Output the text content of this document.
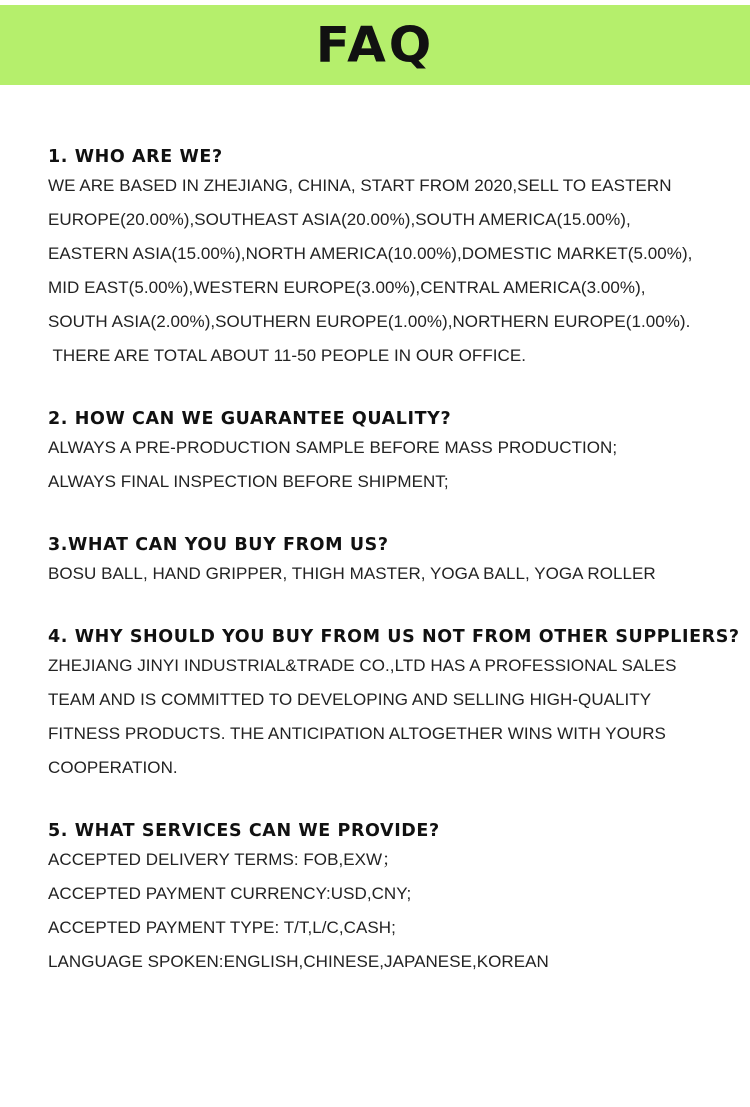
FAQ
1. WHO ARE WE?
WE ARE BASED IN ZHEJIANG, CHINA, START FROM 2020,SELL TO EASTERN
EUROPE(20.00%),SOUTHEAST ASIA(20.00%),SOUTH AMERICA(15.00%),
EASTERN ASIA(15.00%),NORTH AMERICA(10.00%),DOMESTIC MARKET(5.00%),
MID EAST(5.00%),WESTERN EUROPE(3.00%),CENTRAL AMERICA(3.00%),
SOUTH ASIA(2.00%),SOUTHERN EUROPE(1.00%),NORTHERN EUROPE(1.00%).
THERE ARE TOTAL ABOUT 11-50 PEOPLE IN OUR OFFICE.
2. HOW CAN WE GUARANTEE QUALITY?
ALWAYS A PRE-PRODUCTION SAMPLE BEFORE MASS PRODUCTION;
ALWAYS FINAL INSPECTION BEFORE SHIPMENT;
3.WHAT CAN YOU BUY FROM US?
BOSU BALL, HAND GRIPPER, THIGH MASTER, YOGA BALL, YOGA ROLLER
4. WHY SHOULD YOU BUY FROM US NOT FROM OTHER SUPPLIERS?
ZHEJIANG JINYI INDUSTRIAL&TRADE CO.,LTD HAS A PROFESSIONAL SALES
TEAM AND IS COMMITTED TO DEVELOPING AND SELLING HIGH-QUALITY
FITNESS PRODUCTS. THE ANTICIPATION ALTOGETHER WINS WITH YOURS
COOPERATION.
5. WHAT SERVICES CAN WE PROVIDE?
ACCEPTED DELIVERY TERMS: FOB,EXW；
ACCEPTED PAYMENT CURRENCY:USD,CNY;
ACCEPTED PAYMENT TYPE: T/T,L/C,CASH;
LANGUAGE SPOKEN:ENGLISH,CHINESE,JAPANESE,KOREAN
